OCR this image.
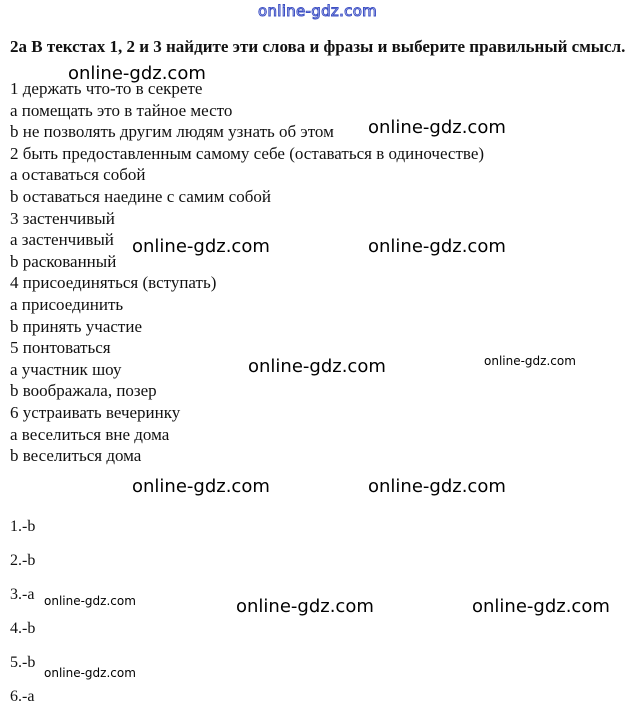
online-gdz.com

2a В текстах 1, 2 и 3 найдите эти слова и фразы и выберите правильный смысл.

1 держать что-то в секрете
a помещать это в тайное место
b не позволять другим людям узнать об этом
2 быть предоставленным самому себе (оставаться в одиночестве)
a оставаться собой
b оставаться наедине с самим собой
3 застенчивый
a застенчивый
b раскованный
4 присоединяться (вступать)
a присоединить
b принять участие
5 понтоваться
a участник шоу
b воображала, позер
6 устраивать вечеринку
a веселиться вне дома
b веселиться дома
1.-b
2.-b
3.-a
4.-b
5.-b
6.-a
online-gdz.com
online-gdz.com
online-gdz.com	online-gdz.com
online-gdz.com	online-gdz.com
online-gdz.com	online-gdz.com
online-gdz.com	online-gdz.com
online-gdz.com
online-gdz.com
